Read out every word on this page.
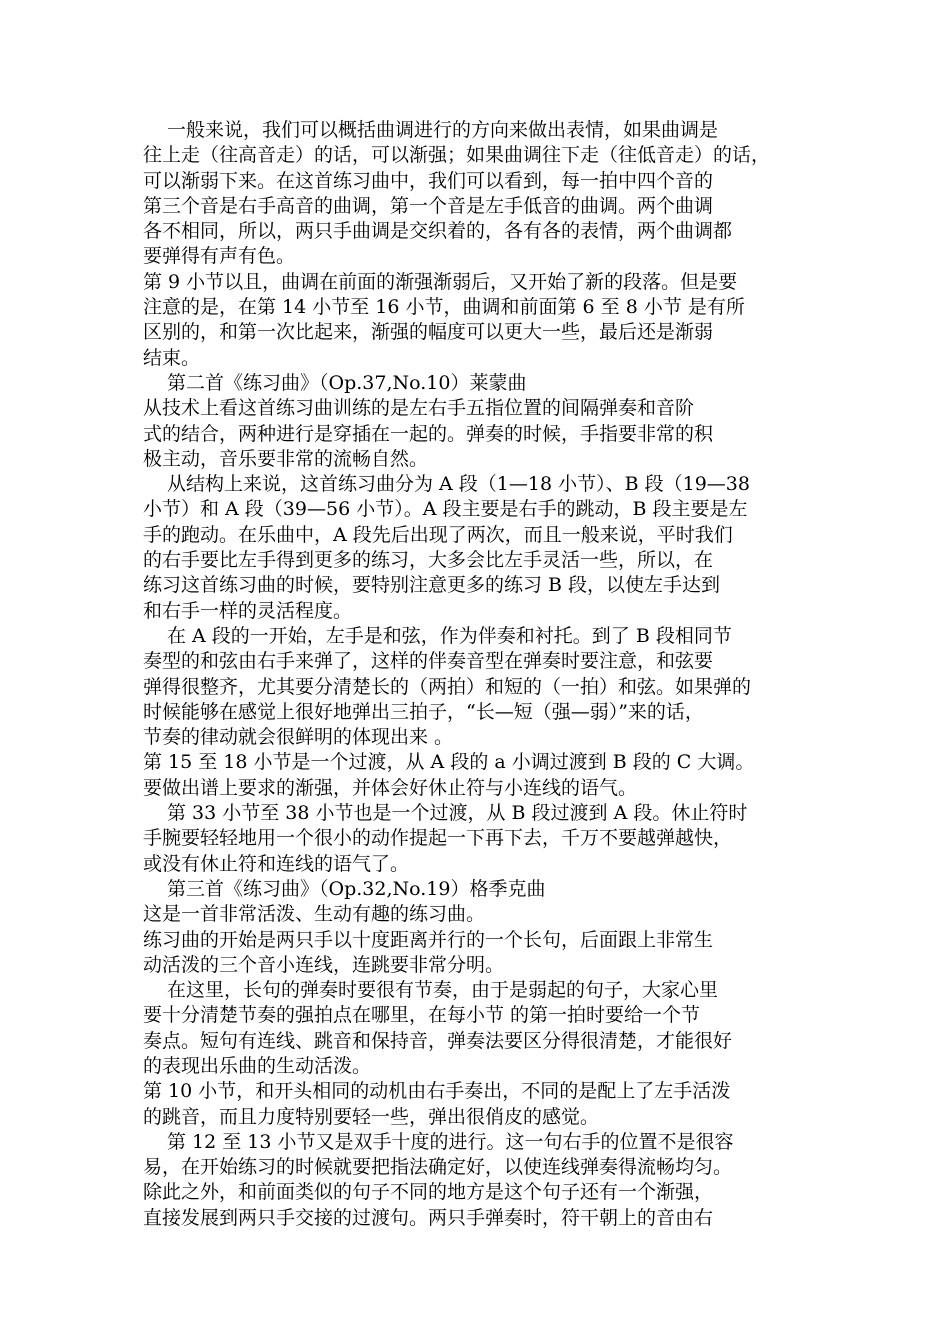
一般来说，我们可以概括曲调进行的方向来做出表情，如果曲调是
往上走（往高音走）的话，可以渐强；如果曲调往下走（往低音走）的话，
可以渐弱下来。在这首练习曲中，我们可以看到，每一拍中四个音的
第三个音是右手高音的曲调，第一个音是左手低音的曲调。两个曲调
各不相同，所以，两只手曲调是交织着的，各有各的表情，两个曲调都
要弹得有声有色。
第 9 小节以且，曲调在前面的渐强渐弱后，又开始了新的段落。但是要
注意的是，在第 14 小节至 16 小节，曲调和前面第 6 至 8 小节 是有所
区别的，和第一次比起来，渐强的幅度可以更大一些，最后还是渐弱
结束。
第二首《练习曲》（Op.37,No.10）莱蒙曲
从技术上看这首练习曲训练的是左右手五指位置的间隔弹奏和音阶
式的结合，两种进行是穿插在一起的。弹奏的时候，手指要非常的积
极主动，音乐要非常的流畅自然。
从结构上来说，这首练习曲分为 A 段（1—18 小节）、B 段（19—38
小节）和 A 段（39—56 小节）。A 段主要是右手的跳动，B 段主要是左
手的跑动。在乐曲中，A 段先后出现了两次，而且一般来说，平时我们
的右手要比左手得到更多的练习，大多会比左手灵活一些，所以，在
练习这首练习曲的时候，要特别注意更多的练习 B 段，以使左手达到
和右手一样的灵活程度。
在 A 段的一开始，左手是和弦，作为伴奏和衬托。到了 B 段相同节
奏型的和弦由右手来弹了，这样的伴奏音型在弹奏时要注意，和弦要
弹得很整齐，尤其要分清楚长的（两拍）和短的（一拍）和弦。如果弹的
时候能够在感觉上很好地弹出三拍子，“长—短（强—弱）”来的话，
节奏的律动就会很鲜明的体现出来 。
第 15 至 18 小节是一个过渡，从 A 段的 a 小调过渡到 B 段的 C 大调。
要做出谱上要求的渐强，并体会好休止符与小连线的语气。
第 33 小节至 38 小节也是一个过渡，从 B 段过渡到 A 段。休止符时
手腕要轻轻地用一个很小的动作提起一下再下去，千万不要越弹越快，
或没有休止符和连线的语气了。
第三首《练习曲》（Op.32,No.19）格季克曲
这是一首非常活泼、生动有趣的练习曲。
练习曲的开始是两只手以十度距离并行的一个长句，后面跟上非常生
动活泼的三个音小连线，连跳要非常分明。
在这里，长句的弹奏时要很有节奏，由于是弱起的句子，大家心里
要十分清楚节奏的强拍点在哪里，在每小节 的第一拍时要给一个节
奏点。短句有连线、跳音和保持音，弹奏法要区分得很清楚，才能很好
的表现出乐曲的生动活泼。
第 10 小节，和开头相同的动机由右手奏出，不同的是配上了左手活泼
的跳音，而且力度特别要轻一些，弹出很俏皮的感觉。
第 12 至 13 小节又是双手十度的进行。这一句右手的位置不是很容
易，在开始练习的时候就要把指法确定好，以使连线弹奏得流畅均匀。
除此之外，和前面类似的句子不同的地方是这个句子还有一个渐强，
直接发展到两只手交接的过渡句。两只手弹奏时，符干朝上的音由右
